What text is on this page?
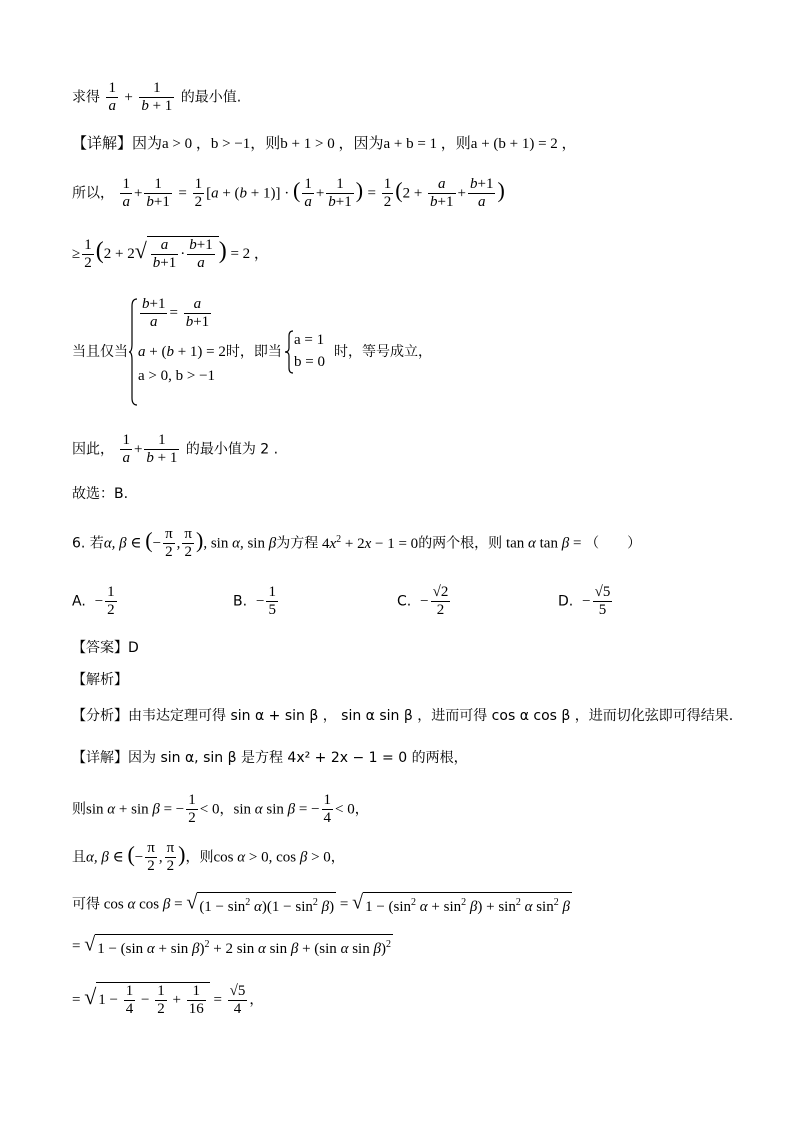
求得 $\frac{1}{a} + \frac{1}{b + 1}$ 的最小值.
【详解】因为a > 0 ，b > −1，则b + 1 > 0 ，因为a + b = 1 ，则a + (b + 1) = 2 ，
所以， $\frac{1}{a} + \frac{1}{b+1} = \frac{1}{2} [a + (b + 1)]$ · ( $\frac{1}{a} + \frac{1}{b+1}$ ) = $\frac{1}{2} (2 + \frac{a}{b+1} + \frac{b+1}{a}$ )
≥ $\frac{1}{2} (2 + 2√ \frac{a}{b+1} \cdot \frac{b+1}{a}$ ) = 2 ，
当且仅当
$\frac{b+1}{a} = \frac{a}{b+1}$
a + (b + 1) = 2时，即当
a = 1
b = 0
时，等号成立，
a > 0, b > −1
因此， $\frac{1}{a} + \frac{1}{b + 1}$ 的最小值为 2 .
故选：B.
6. 若α, β ∈ (− $\frac{\pi}{2}$ , $\frac{\pi}{2}$ ), sin α, sin β为方程 $4x^2 + 2x - 1 = 0$的两个根，则 tan α tan β = （　　）
A.  − $\frac{1}{2}$	B.  − $\frac{1}{5}$	C.  − $\frac{√2}{2}$	D.  − $\frac{√5}{5}$
【答案】D
【解析】
【分析】由韦达定理可得 sin α + sin β ， sin α sin β ，进而可得 cos α cos β ，进而切化弦即可得结果.
【详解】因为 sin α, sin β 是方程 4x² + 2x − 1 = 0 的两根，
则sin α + sin β = − $\frac{1}{2} < 0$，sin α sin β = − $\frac{1}{4} < 0$，
且α, β ∈ (− $\frac{\pi}{2}$ , $\frac{\pi}{2}$ )，则cos α > 0, cos β > 0，
可得 cos α cos β = √ $(1 - \sin^2 \alpha)(1 - \sin^2 \beta)$ = √ $1 - (\sin^2$ $\alpha + \sin^2 \beta) + \sin^2 \alpha$ $\sin^2 \beta$
= √ 1 − (sin α + sin β)$^2$ + 2 sin α sin β + (sin α sin β)$^2$
= √ $1 - \frac{1}{4} - \frac{1}{2} + \frac{1}{16} = \frac{√5}{4}$ ，
